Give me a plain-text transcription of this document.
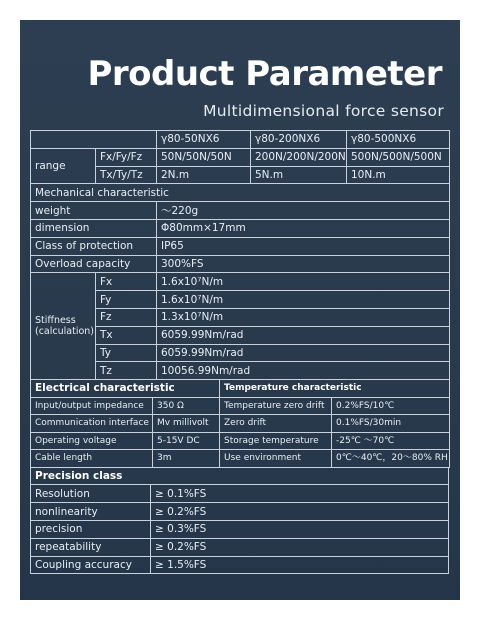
Product Parameter
Multidimensional force sensor
		γ80-50NX6	γ80-200NX6	γ80-500NX6
range	Fx/Fy/Fz	50N/50N/50N	200N/200N/200N	500N/500N/500N
	Tx/Ty/Tz	2N.m	5N.m	10N.m
Mechanical characteristic				
weight		～220g		
dimension		Φ80mm×17mm		
Class of protection		IP65		
Overload capacity		300%FS		
Stiffness
(calculation)	Fx	1.6x10⁷N/m		
	Fy	1.6x10⁷N/m		
	Fz	1.3x10⁷N/m		
	Tx	6059.99Nm/rad		
	Ty	6059.99Nm/rad		
	Tz	10056.99Nm/rad		
Electrical characteristic		Temperature characteristic	
Input/output impedance	350 Ω	Temperature zero drift	0.2%FS/10℃
Communication interface	Mv millivolt	Zero drift	0.1%FS/30min
Operating voltage	5-15V DC	Storage temperature	-25℃ ～70℃
Cable length	3m	Use environment	0℃～40℃，20～80% RH
Precision class	
Resolution	≥ 0.1%FS
nonlinearity	≥ 0.2%FS
precision	≥ 0.3%FS
repeatability	≥ 0.2%FS
Coupling accuracy	≥ 1.5%FS
